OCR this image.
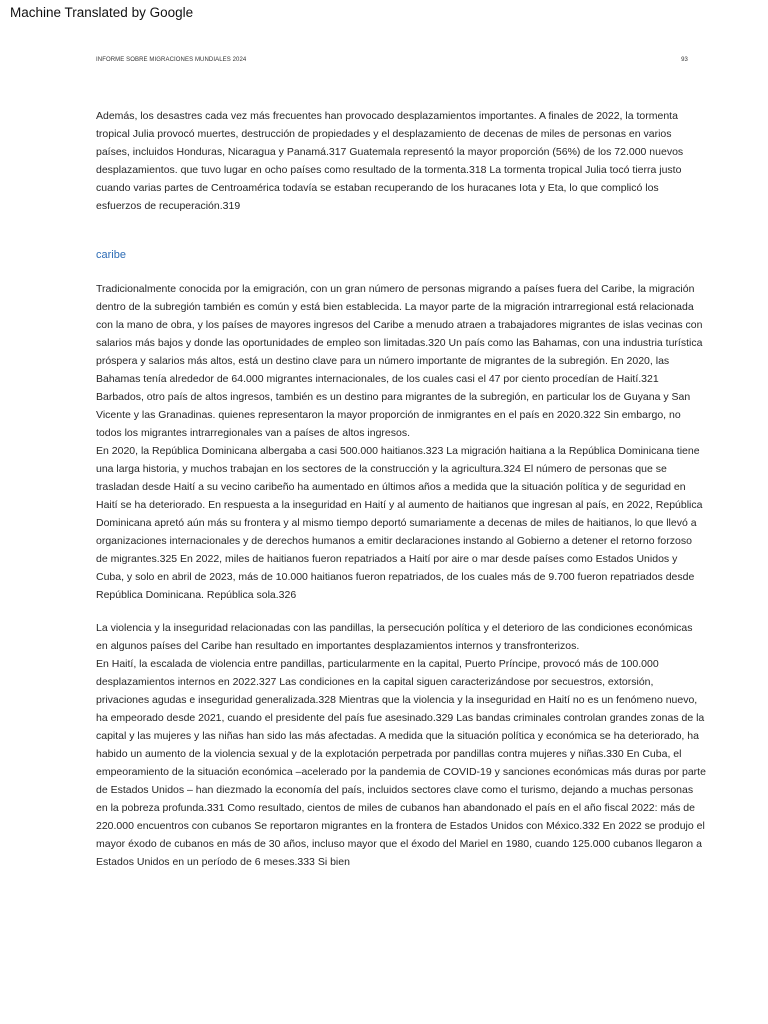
Machine Translated by Google
INFORME SOBRE MIGRACIONES MUNDIALES 2024	93

Además, los desastres cada vez más frecuentes han provocado desplazamientos importantes. A finales de 2022, la tormenta tropical Julia provocó muertes, destrucción de propiedades y el desplazamiento de decenas de miles de personas en varios países, incluidos Honduras, Nicaragua y Panamá.317 Guatemala representó la mayor proporción (56%) de los 72.000 nuevos desplazamientos. que tuvo lugar en ocho países como resultado de la tormenta.318 La tormenta tropical Julia tocó tierra justo cuando varias partes de Centroamérica todavía se estaban recuperando de los huracanes Iota y Eta, lo que complicó los esfuerzos de recuperación.319

caribe

Tradicionalmente conocida por la emigración, con un gran número de personas migrando a países fuera del Caribe, la migración dentro de la subregión también es común y está bien establecida. La mayor parte de la migración intrarregional está relacionada con la mano de obra, y los países de mayores ingresos del Caribe a menudo atraen a trabajadores migrantes de islas vecinas con salarios más bajos y donde las oportunidades de empleo son limitadas.320 Un país como las Bahamas, con una industria turística próspera y salarios más altos, está un destino clave para un número importante de migrantes de la subregión. En 2020, las Bahamas tenía alrededor de 64.000 migrantes internacionales, de los cuales casi el 47 por ciento procedían de Haití.321 Barbados, otro país de altos ingresos, también es un destino para migrantes de la subregión, en particular los de Guyana y San Vicente y las Granadinas. quienes representaron la mayor proporción de inmigrantes en el país en 2020.322 Sin embargo, no todos los migrantes intrarregionales van a países de altos ingresos.

En 2020, la República Dominicana albergaba a casi 500.000 haitianos.323 La migración haitiana a la República Dominicana tiene una larga historia, y muchos trabajan en los sectores de la construcción y la agricultura.324 El número de personas que se trasladan desde Haití a su vecino caribeño ha aumentado en últimos años a medida que la situación política y de seguridad en Haití se ha deteriorado. En respuesta a la inseguridad en Haití y al aumento de haitianos que ingresan al país, en 2022, República Dominicana apretó aún más su frontera y al mismo tiempo deportó sumariamente a decenas de miles de haitianos, lo que llevó a organizaciones internacionales y de derechos humanos a emitir declaraciones instando al Gobierno a detener el retorno forzoso de migrantes.325 En 2022, miles de haitianos fueron repatriados a Haití por aire o mar desde países como Estados Unidos y Cuba, y solo en abril de 2023, más de 10.000 haitianos fueron repatriados, de los cuales más de 9.700 fueron repatriados desde República Dominicana. República sola.326

La violencia y la inseguridad relacionadas con las pandillas, la persecución política y el deterioro de las condiciones económicas en algunos países del Caribe han resultado en importantes desplazamientos internos y transfronterizos.

En Haití, la escalada de violencia entre pandillas, particularmente en la capital, Puerto Príncipe, provocó más de 100.000 desplazamientos internos en 2022.327 Las condiciones en la capital siguen caracterizándose por secuestros, extorsión, privaciones agudas e inseguridad generalizada.328 Mientras que la violencia y la inseguridad en Haití no es un fenómeno nuevo, ha empeorado desde 2021, cuando el presidente del país fue asesinado.329 Las bandas criminales controlan grandes zonas de la capital y las mujeres y las niñas han sido las más afectadas. A medida que la situación política y económica se ha deteriorado, ha habido un aumento de la violencia sexual y de la explotación perpetrada por pandillas contra mujeres y niñas.330 En Cuba, el empeoramiento de la situación económica –acelerado por la pandemia de COVID-19 y sanciones económicas más duras por parte de Estados Unidos – han diezmado la economía del país, incluidos sectores clave como el turismo, dejando a muchas personas en la pobreza profunda.331 Como resultado, cientos de miles de cubanos han abandonado el país en el año fiscal 2022: más de 220.000 encuentros con cubanos Se reportaron migrantes en la frontera de Estados Unidos con México.332 En 2022 se produjo el mayor éxodo de cubanos en más de 30 años, incluso mayor que el éxodo del Mariel en 1980, cuando 125.000 cubanos llegaron a Estados Unidos en un período de 6 meses.333 Si bien
